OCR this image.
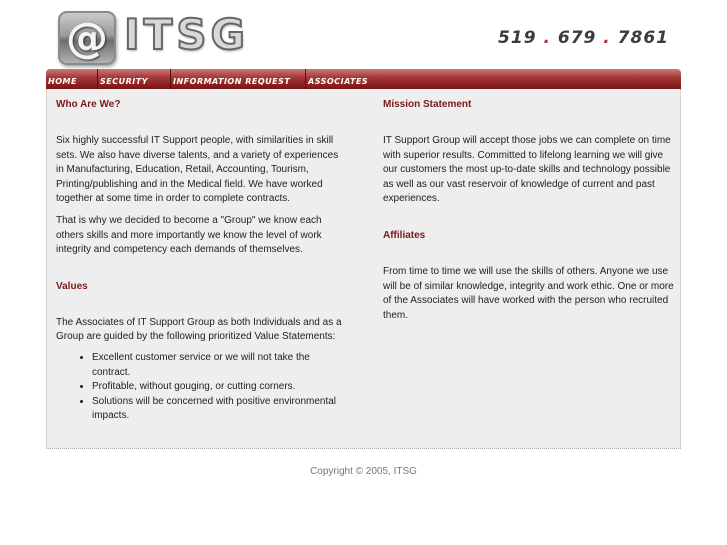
@ ITSG	519 . 679 . 7861
HOME	SECURITY	INFORMATION REQUEST	ASSOCIATES
Who Are We?

Six highly successful IT Support people, with similarities in skill sets. We also have diverse talents, and a variety of experiences in Manufacturing, Education, Retail, Accounting, Tourism, Printing/publishing and in the Medical field. We have worked together at some time in order to complete contracts.

That is why we decided to become a "Group" we know each others skills and more importantly we know the level of work integrity and competency each demands of themselves.

Values

The Associates of IT Support Group as both Individuals and as a Group are guided by the following prioritized Value Statements:

• Excellent customer service or we will not take the contract.
• Profitable, without gouging, or cutting corners.
• Solutions will be concerned with positive environmental impacts.
Mission Statement

IT Support Group will accept those jobs we can complete on time with superior results. Committed to lifelong learning we will give our customers the most up-to-date skills and technology possible as well as our vast reservoir of knowledge of current and past experiences.

Affiliates

From time to time we will use the skills of others. Anyone we use will be of similar knowledge, integrity and work ethic. One or more of the Associates will have worked with the person who recruited them.

Copyright © 2005, ITSG
